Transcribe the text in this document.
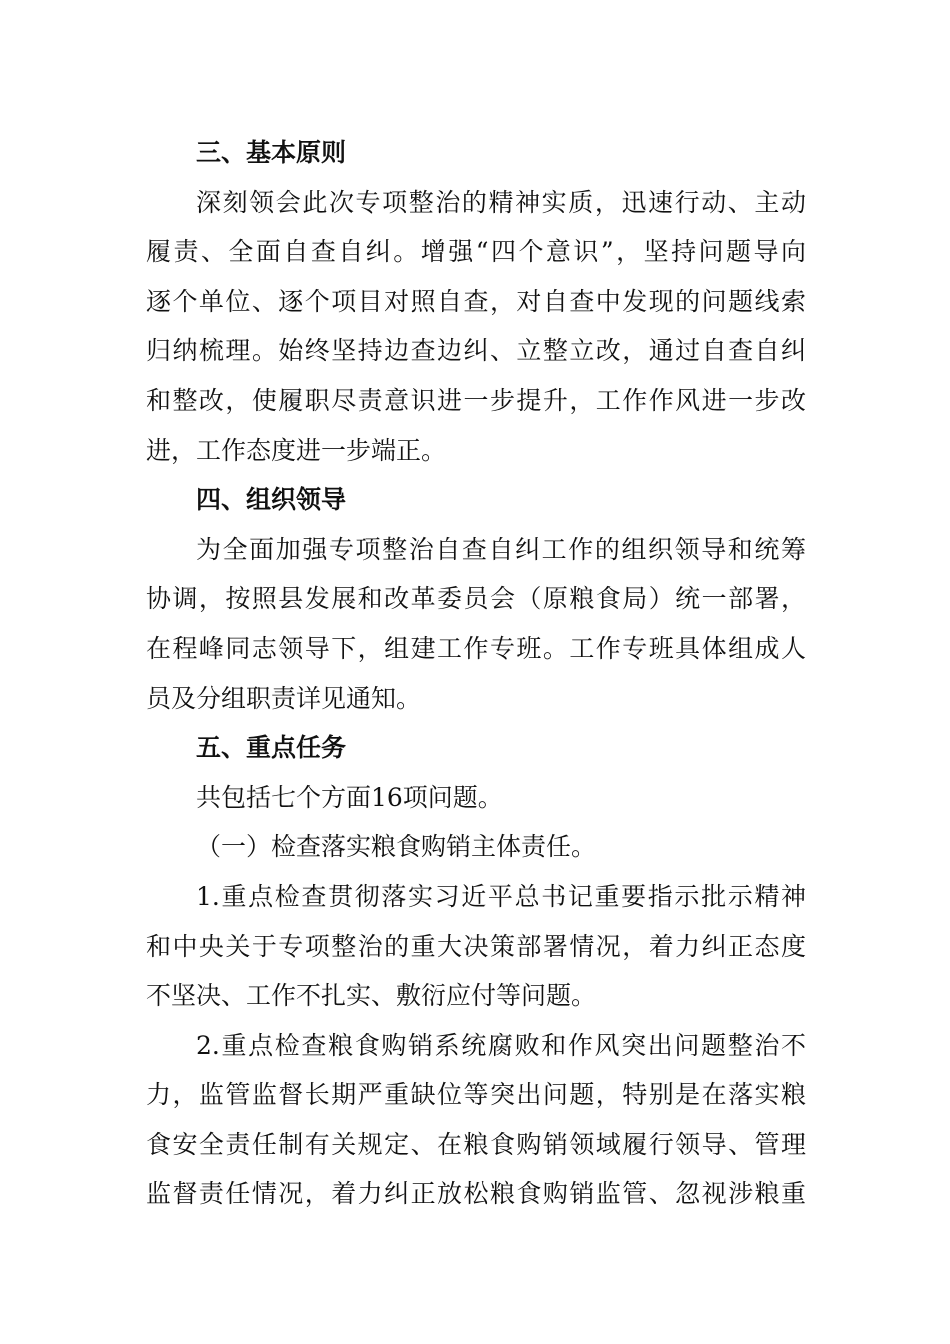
三、基本原则
深刻领会此次专项整治的精神实质，迅速行动、主动
履责、全面自查自纠。增强“四个意识”，坚持问题导向
逐个单位、逐个项目对照自查，对自查中发现的问题线索
归纳梳理。始终坚持边查边纠、立整立改，通过自查自纠
和整改，使履职尽责意识进一步提升，工作作风进一步改
进，工作态度进一步端正。
四、组织领导
为全面加强专项整治自查自纠工作的组织领导和统筹
协调，按照县发展和改革委员会（原粮食局）统一部署，
在程峰同志领导下，组建工作专班。工作专班具体组成人
员及分组职责详见通知。
五、重点任务
共包括七个方面16项问题。
（一）检查落实粮食购销主体责任。
1.重点检查贯彻落实习近平总书记重要指示批示精神
和中央关于专项整治的重大决策部署情况，着力纠正态度
不坚决、工作不扎实、敷衍应付等问题。
2.重点检查粮食购销系统腐败和作风突出问题整治不
力，监管监督长期严重缺位等突出问题，特别是在落实粮
食安全责任制有关规定、在粮食购销领域履行领导、管理
监督责任情况，着力纠正放松粮食购销监管、忽视涉粮重
